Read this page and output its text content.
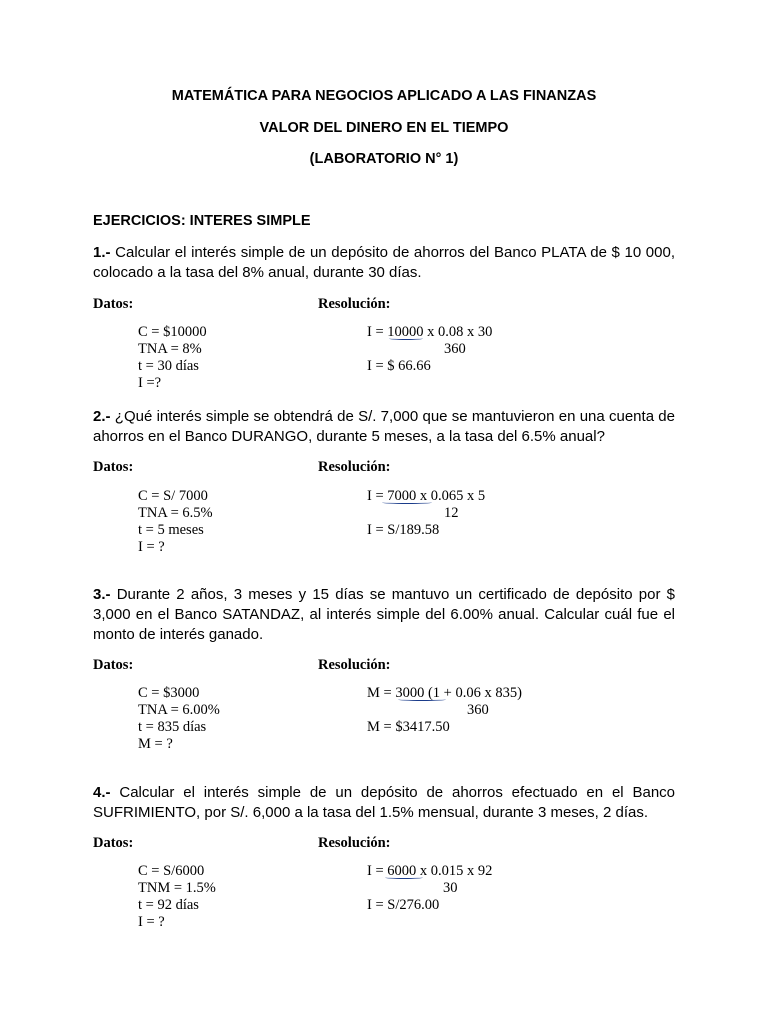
MATEMÁTICA PARA NEGOCIOS APLICADO A LAS FINANZAS
VALOR DEL DINERO EN EL TIEMPO
(LABORATORIO N° 1)
EJERCICIOS: INTERES SIMPLE
1.- Calcular el interés simple de un depósito de ahorros del Banco PLATA de $ 10 000, colocado a la tasa del 8% anual, durante 30 días.
Datos:	Resolución:
C = $10000
TNA = 8%
t = 30 días
I =?
I = 10000 x 0.08 x 30
360
I = $ 66.66
2.- ¿Qué interés simple se obtendrá de S/. 7,000 que se mantuvieron en una cuenta de ahorros en el Banco DURANGO, durante 5 meses, a la tasa del 6.5% anual?
Datos:	Resolución:
C = S/ 7000
TNA = 6.5%
t = 5 meses
I = ?
I = 7000 x 0.065 x 5
12
I = S/189.58
3.- Durante 2 años, 3 meses y 15 días se mantuvo un certificado de depósito por $ 3,000 en el Banco SATANDAZ, al interés simple del 6.00% anual. Calcular cuál fue el monto de interés ganado.
Datos:	Resolución:
C = $3000
TNA = 6.00%
t = 835 días
M = ?
M = 3000 (1 + 0.06 x 835)
360
M = $3417.50
4.- Calcular el interés simple de un depósito de ahorros efectuado en el Banco SUFRIMIENTO, por S/. 6,000 a la tasa del 1.5% mensual, durante 3 meses, 2 días.
Datos:	Resolución:
C = S/6000
TNM = 1.5%
t = 92 días
I = ?
I = 6000 x 0.015 x 92
30
I = S/276.00
